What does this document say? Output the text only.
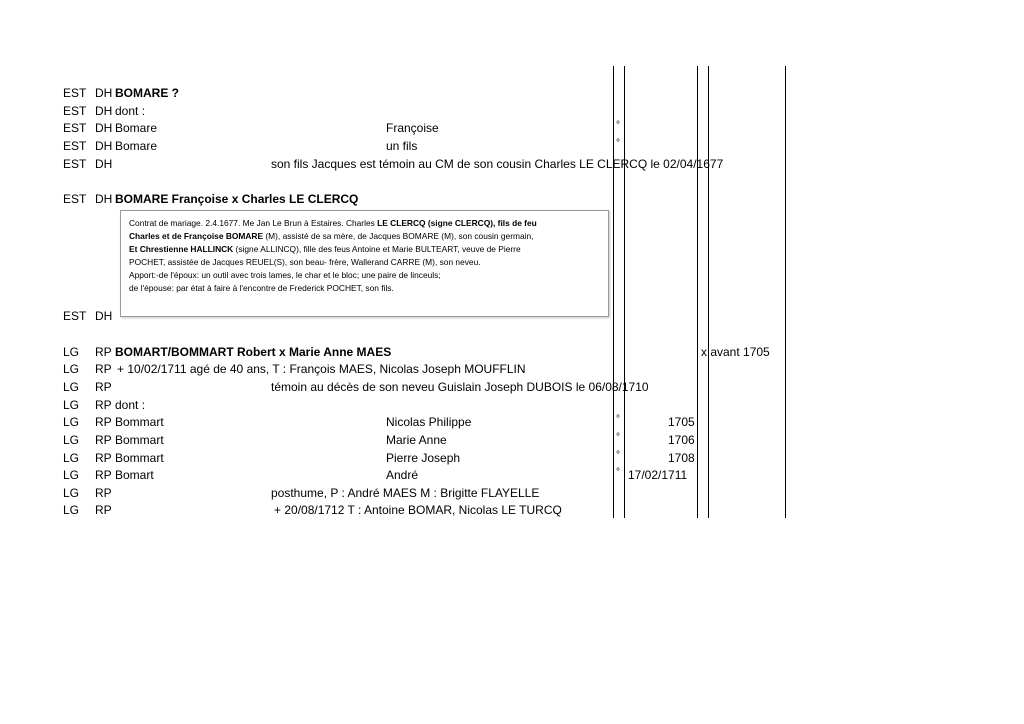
EST DH BOMARE ?
EST DH dont :
EST DH Bomare	Françoise	°
EST DH Bomare	un fils	°
EST DH	son fils Jacques est témoin au CM de son cousin Charles LE CLERCQ le 02/04/1677
EST DH BOMARE Françoise x Charles LE CLERCQ
Contrat de mariage. 2.4.1677. Me Jan Le Brun à Estaires. Charles LE CLERCQ (signe CLERCQ), fils de feu
Charles et de Françoise BOMARE (M), assisté de sa mère, de Jacques BOMARE (M), son cousin germain,
Et Chrestienne HALLINCK (signe ALLINCQ), fille des feus Antoine et Marie BULTEART, veuve de Pierre
POCHET, assistée de Jacques REUEL(S), son beau- frère, Wallerand CARRE (M), son neveu.
Apport:-de l'époux: un outil avec trois lames, le char et le bloc; une paire de linceuls;
de l'épouse: par état à faire à l'encontre de Frederick POCHET, son fils.
EST DH
LG RP BOMART/BOMMART Robert x Marie Anne MAES	x avant 1705
LG RP + 10/02/1711 agé de 40 ans, T : François MAES, Nicolas Joseph MOUFFLIN
LG RP	témoin au décès de son neveu Guislain Joseph DUBOIS le 06/08/1710
LG RP dont :
LG RP Bommart	Nicolas Philippe	°	1705
LG RP Bommart	Marie Anne	°	1706
LG RP Bommart	Pierre Joseph	°	1708
LG RP Bomart	André	° 17/02/1711
LG RP	posthume, P : André MAES M : Brigitte FLAYELLE
LG RP	+ 20/08/1712 T : Antoine BOMAR, Nicolas LE TURCQ
